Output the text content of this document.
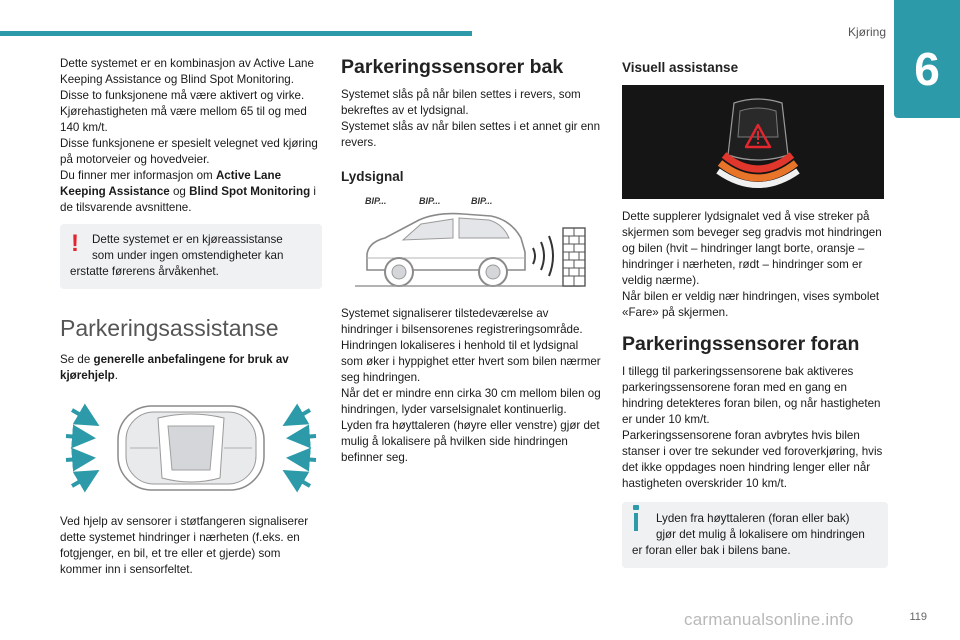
Kjøring
6

Dette systemet er en kombinasjon av Active Lane Keeping Assistance og Blind Spot Monitoring.

Disse to funksjonene må være aktivert og virke.

Kjørehastigheten må være mellom 65 til og med 140 km/t.

Disse funksjonene er spesielt velegnet ved kjøring på motorveier og hovedveier.

Du finner mer informasjon om Active Lane Keeping Assistance og Blind Spot Monitoring i de tilsvarende avsnittene.

!	Dette systemet er en kjøreassistanse

som under ingen omstendigheter kan

erstatte førerens årvåkenhet.

Parkeringsassistanse

Se de generelle anbefalingene for bruk av kjørehjelp.

Ved hjelp av sensorer i støtfangeren signaliserer dette systemet hindringer i nærheten (f.eks. en fotgjenger, en bil, et tre eller et gjerde) som kommer inn i sensorfeltet.

Parkeringssensorer bak

Systemet slås på når bilen settes i revers, som bekreftes av et lydsignal.

Systemet slås av når bilen settes i et annet gir enn revers.

Lydsignal
BIP...	BIP...	BIP...

Systemet signaliserer tilstedeværelse av hindringer i bilsensorenes registreringsområde.

Hindringen lokaliseres i henhold til et lydsignal som øker i hyppighet etter hvert som bilen nærmer seg hindringen.

Når det er mindre enn cirka 30 cm mellom bilen og hindringen, lyder varselsignalet kontinuerlig.

Lyden fra høyttaleren (høyre eller venstre) gjør det mulig å lokalisere på hvilken side hindringen befinner seg.

Visuell assistanse

Dette supplerer lydsignalet ved å vise streker på skjermen som beveger seg gradvis mot hindringen og bilen (hvit – hindringer langt borte, oransje – hindringer i nærheten, rødt – hindringer som er veldig nærme).

Når bilen er veldig nær hindringen, vises symbolet «Fare» på skjermen.

Parkeringssensorer foran

I tillegg til parkeringssensorene bak aktiveres parkeringssensorene foran med en gang en hindring detekteres foran bilen, og når hastigheten er under 10 km/t.

Parkeringssensorene foran avbrytes hvis bilen stanser i over tre sekunder ved foroverkjøring, hvis det ikke oppdages noen hindring lenger eller når hastigheten overskrider 10 km/t.

Lyden fra høyttaleren (foran eller bak)

gjør det mulig å lokalisere om hindringen

er foran eller bak i bilens bane.

119
carmanualsonline.info
